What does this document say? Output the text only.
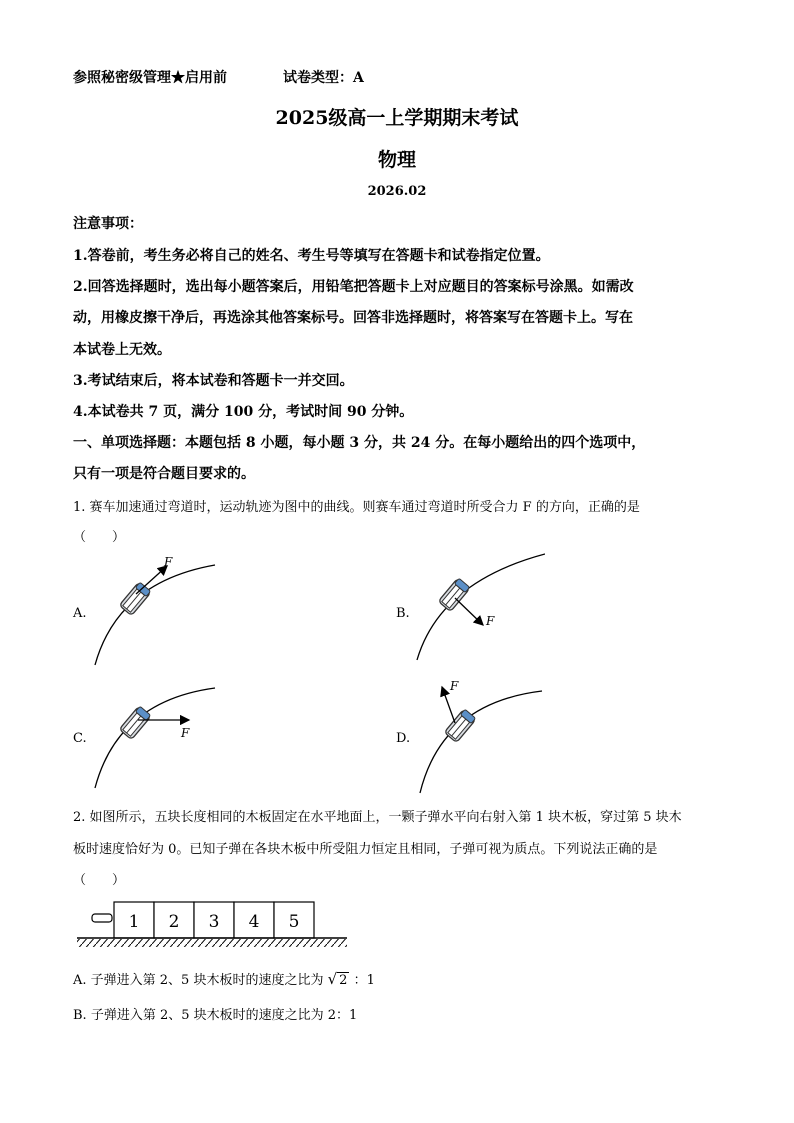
参照秘密级管理★启用前	试卷类型：A
2025级高一上学期期末考试
物理
2026.02
注意事项：
1.答卷前，考生务必将自己的姓名、考生号等填写在答题卡和试卷指定位置。
2.回答选择题时，选出每小题答案后，用铅笔把答题卡上对应题目的答案标号涂黑。如需改
动，用橡皮擦干净后，再选涂其他答案标号。回答非选择题时，将答案写在答题卡上。写在
本试卷上无效。
3.考试结束后，将本试卷和答题卡一并交回。
4.本试卷共 7 页，满分 100 分，考试时间 90 分钟。
一、单项选择题：本题包括 8 小题，每小题 3 分，共 24 分。在每小题给出的四个选项中，
只有一项是符合题目要求的。
1. 赛车加速通过弯道时，运动轨迹为图中的曲线。则赛车通过弯道时所受合力 F 的方向，正确的是
（　　）
A.	B.
C.	D.
F
F
F
F
2. 如图所示，五块长度相同的木板固定在水平地面上，一颗子弹水平向右射入第 1 块木板，穿过第 5 块木
板时速度恰好为 0。已知子弹在各块木板中所受阻力恒定且相同，子弹可视为质点。下列说法正确的是
（　　）
1 2 3 4 5
A. 子弹进入第 2、5 块木板时的速度之比为 √ 2 ：1
B. 子弹进入第 2、5 块木板时的速度之比为 2：1
